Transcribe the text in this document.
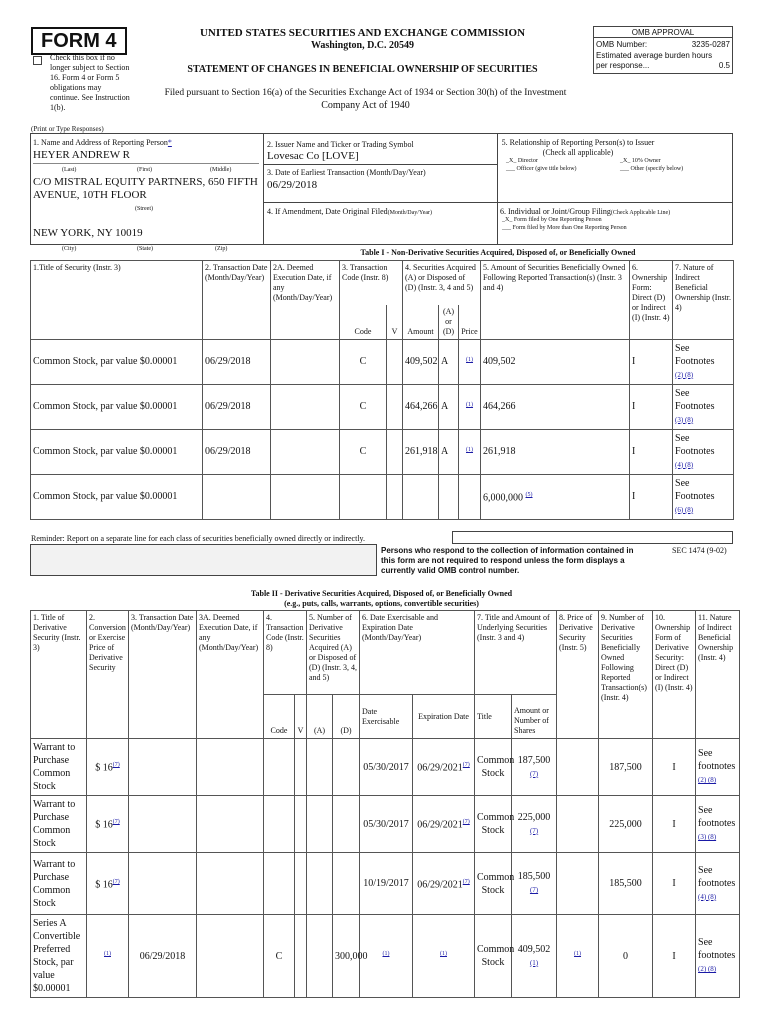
FORM 4
Check this box if no
longer subject to Section
16. Form 4 or Form 5
obligations may
continue. See Instruction
1(b).
UNITED STATES SECURITIES AND EXCHANGE COMMISSION
Washington, D.C. 20549
STATEMENT OF CHANGES IN BENEFICIAL OWNERSHIP OF SECURITIES
Filed pursuant to Section 16(a) of the Securities Exchange Act of 1934 or Section 30(h) of the Investment
Company Act of 1940
OMB APPROVAL
OMB Number:	3235-0287
Estimated average burden hours
per response...	0.5
(Print or Type Responses)
1. Name and Address of Reporting Person*
HEYER ANDREW R
(Last)	(First)	(Middle)
C/O MISTRAL EQUITY PARTNERS, 650 FIFTH
AVENUE, 10TH FLOOR
(Street)
NEW YORK, NY 10019
(City)	(State)	(Zip)
2. Issuer Name and Ticker or Trading Symbol
Lovesac Co [LOVE]
3. Date of Earliest Transaction (Month/Day/Year)
06/29/2018
4. If Amendment, Date Original Filed(Month/Day/Year)
5. Relationship of Reporting Person(s) to Issuer
(Check all applicable)
_X_ Director	_X_ 10% Owner
___ Officer (give title below)	___ Other (specify below)
6. Individual or Joint/Group Filing(Check Applicable Line)
_X_ Form filed by One Reporting Person
___ Form filed by More than One Reporting Person
Table I - Non-Derivative Securities Acquired, Disposed of, or Beneficially Owned
1.Title of Security (Instr. 3)	2. Transaction Date (Month/Day/Year)	2A. Deemed Execution Date, if any (Month/Day/Year)	3. Transaction Code (Instr. 8)		4. Securities Acquired (A) or Disposed of (D) (Instr. 3, 4 and 5)			5. Amount of Securities Beneficially Owned Following Reported Transaction(s) (Instr. 3 and 4)	6. Ownership Form: Direct (D) or Indirect (I) (Instr. 4)	7. Nature of Indirect Beneficial Ownership (Instr. 4)
			Code	V	Amount	(A) or (D)	Price			
Common Stock, par value $0.00001	06/29/2018		C		409,502	A	$^{(1)}$	409,502	I	See Footnotes
(2) (8)
Common Stock, par value $0.00001	06/29/2018		C		464,266	A	$^{(1)}$	464,266	I	See Footnotes
(3) (8)
Common Stock, par value $0.00001	06/29/2018		C		261,918	A	$^{(1)}$	261,918	I	See Footnotes
(4) (8)
Common Stock, par value $0.00001								6,000,000 $^{(5)}$	I	See Footnotes
(6) (8)
Reminder: Report on a separate line for each class of securities beneficially owned directly or indirectly.
Persons who respond to the collection of information contained in
this form are not required to respond unless the form displays a
currently valid OMB control number.
SEC 1474 (9-02)
Table II - Derivative Securities Acquired, Disposed of, or Beneficially Owned
(e.g., puts, calls, warrants, options, convertible securities)
1. Title of Derivative Security (Instr. 3)	2. Conversion or Exercise Price of Derivative Security	3. Transaction Date (Month/Day/Year)	3A. Deemed Execution Date, if any (Month/Day/Year)	4. Transaction Code (Instr. 8)		5. Number of Derivative Securities Acquired (A) or Disposed of (D) (Instr. 3, 4, and 5)		6. Date Exercisable and Expiration Date (Month/Day/Year)		7. Title and Amount of Underlying Securities (Instr. 3 and 4)		8. Price of Derivative Security (Instr. 5)	9. Number of Derivative Securities Beneficially Owned Following Reported Transaction(s) (Instr. 4)	10. Ownership Form of Derivative Security: Direct (D) or Indirect (I) (Instr. 4)	11. Nature of Indirect Beneficial Ownership (Instr. 4)
				Code	V	(A)	(D)	Date Exercisable	Expiration Date	Title	Amount or Number of Shares				
Warrant to Purchase Common Stock	$ 16$^{(7)}$							05/30/2017	06/29/2021$^{(7)}$	Common Stock	187,500
(7)		187,500	I	See footnotes
(2) (8)
Warrant to Purchase Common Stock	$ 16$^{(7)}$							05/30/2017	06/29/2021$^{(7)}$	Common Stock	225,000
(7)		225,000	I	See footnotes
(3) (8)
Warrant to Purchase Common Stock	$ 16$^{(7)}$							10/19/2017	06/29/2021$^{(7)}$	Common Stock	185,500
(7)		185,500	I	See footnotes
(4) (8)
Series A Convertible Preferred Stock, par value $0.00001	$^{(1)}$	06/29/2018		C			300,000	$^{(1)}$	$^{(1)}$	Common Stock	409,502
(1)	$^{(1)}$	0	I	See footnotes
(2) (8)
